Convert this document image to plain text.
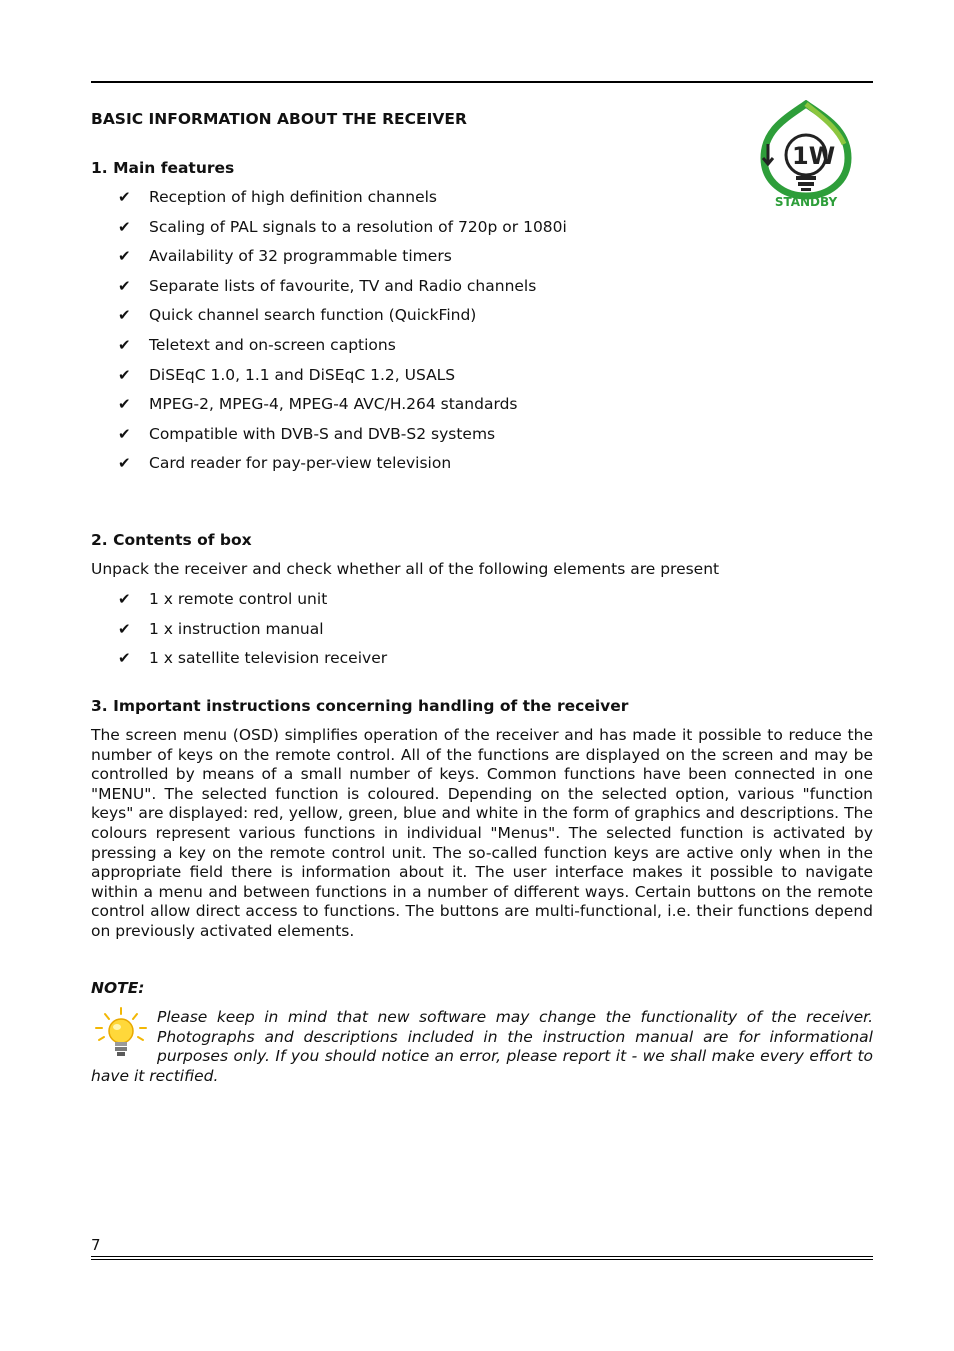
BASIC INFORMATION ABOUT THE RECEIVER
1W
STANDBY
1. Main features
✔ Reception of high definition channels
✔ Scaling of PAL signals to a resolution of 720p or 1080i
✔ Availability of 32 programmable timers
✔ Separate lists of favourite, TV and Radio channels
✔ Quick channel search function (QuickFind)
✔ Teletext and on-screen captions
✔ DiSEqC 1.0, 1.1 and DiSEqC 1.2, USALS
✔ MPEG-2, MPEG-4, MPEG-4 AVC/H.264 standards
✔ Compatible with DVB-S and DVB-S2 systems
✔ Card reader for pay-per-view television
2. Contents of box

Unpack the receiver and check whether all of the following elements are present

✔ 1 x remote control unit
✔ 1 x instruction manual
✔ 1 x satellite television receiver
3. Important instructions concerning handling of the receiver

The screen menu (OSD) simplifies operation of the receiver and has made it possible to reduce the number of keys on the remote control. All of the functions are displayed on the screen and may be controlled by means of a small number of keys. Common functions have been connected in one "MENU". The selected function is coloured. Depending on the selected option, various "function keys" are displayed: red, yellow, green, blue and white in the form of graphics and descriptions. The colours represent various functions in individual "Menus". The selected function is activated by pressing a key on the remote control unit. The so-called function keys are active only when in the appropriate field there is information about it. The user interface makes it possible to navigate within a menu and between functions in a number of different ways. Certain buttons on the remote control allow direct access to functions. The buttons are multi-functional, i.e. their functions depend on previously activated elements.

NOTE:

Please keep in mind that new software may change the functionality of the receiver. Photographs and descriptions included in the instruction manual are for informational purposes only. If you should notice an error, please report it - we shall make every effort to have it rectified.
7
